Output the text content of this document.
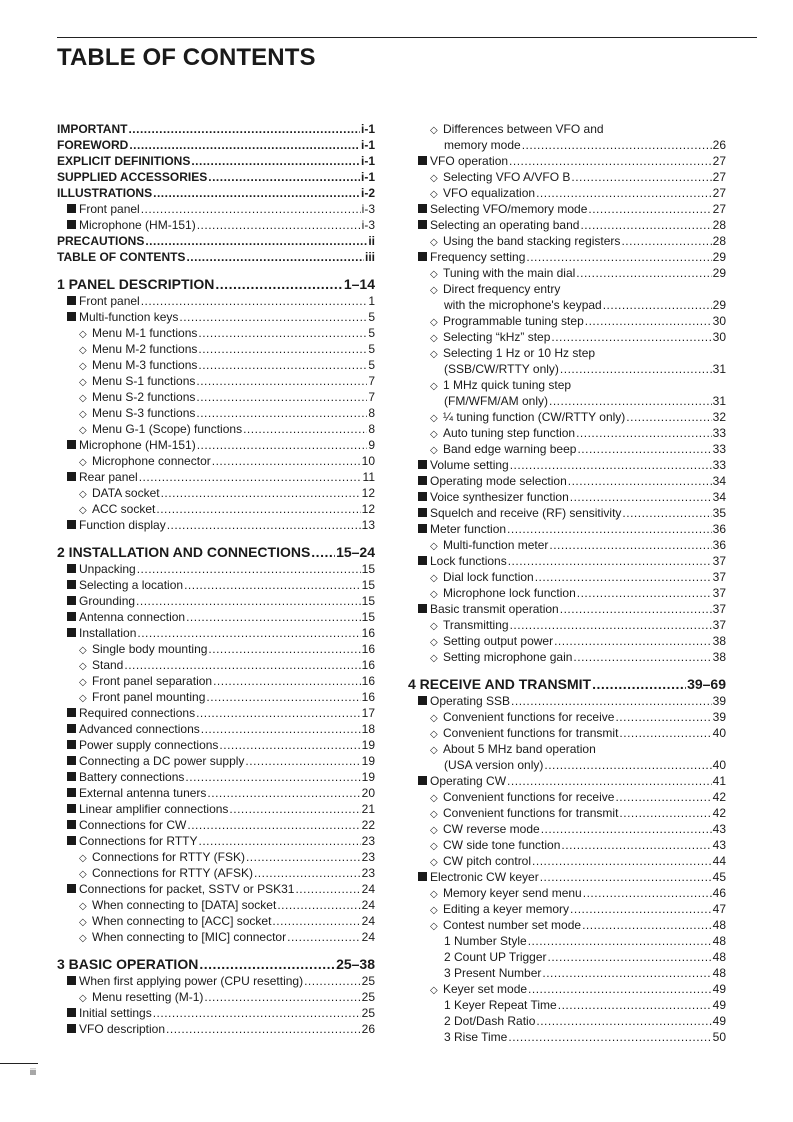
TABLE OF CONTENTS
IMPORTANT .....	i-1
FOREWORD .....	i-1
EXPLICIT DEFINITIONS .....	i-1
SUPPLIED ACCESSORIES .....	i-1
ILLUSTRATIONS .....	i-2
Front panel .....	i-3
Microphone (HM-151) .....	i-3
PRECAUTIONS .....	ii
TABLE OF CONTENTS .....	iii
1 PANEL DESCRIPTION .....	1–14
Front panel .....	1
Multi-function keys .....	5
◇ Menu M-1 functions .....	5
◇ Menu M-2 functions .....	5
◇ Menu M-3 functions .....	5
◇ Menu S-1 functions .....	7
◇ Menu S-2 functions .....	7
◇ Menu S-3 functions .....	8
◇ Menu G-1 (Scope) functions .....	8
Microphone (HM-151) .....	9
◇ Microphone connector .....	10
Rear panel .....	11
◇ DATA socket .....	12
◇ ACC socket .....	12
Function display .....	13
2 INSTALLATION AND CONNECTIONS ..... 15–24
Unpacking .....	15
Selecting a location .....	15
Grounding .....	15
Antenna connection .....	15
Installation .....	16
◇ Single body mounting .....	16
◇ Stand .....	16
◇ Front panel separation .....	16
◇ Front panel mounting .....	16
Required connections .....	17
Advanced connections .....	18
Power supply connections .....	19
Connecting a DC power supply .....	19
Battery connections .....	19
External antenna tuners .....	20
Linear amplifier connections .....	21
Connections for CW .....	22
Connections for RTTY .....	23
◇ Connections for RTTY (FSK) .....	23
◇ Connections for RTTY (AFSK) .....	23
Connections for packet, SSTV or PSK31 .....	24
◇ When connecting to [DATA] socket .....	24
◇ When connecting to [ACC] socket .....	24
◇ When connecting to [MIC] connector .....	24
3 BASIC OPERATION .....	25–38
When first applying power (CPU resetting) .....	25
◇ Menu resetting (M-1) .....	25
Initial settings .....	25
VFO description .....	26
◇ Differences between VFO and
memory mode .....	26
VFO operation .....	27
◇ Selecting VFO A/VFO B .....	27
◇ VFO equalization .....	27
Selecting VFO/memory mode .....	27
Selecting an operating band .....	28
◇ Using the band stacking registers .....	28
Frequency setting .....	29
◇ Tuning with the main dial .....	29
◇ Direct frequency entry
with the microphone's keypad .....	29
◇ Programmable tuning step .....	30
◇ Selecting “kHz” step .....	30
◇ Selecting 1 Hz or 10 Hz step
(SSB/CW/RTTY only) .....	31
◇ 1 MHz quick tuning step
(FM/WFM/AM only) .....	31
◇ ¼ tuning function (CW/RTTY only) .....	32
◇ Auto tuning step function .....	33
◇ Band edge warning beep .....	33
Volume setting .....	33
Operating mode selection .....	34
Voice synthesizer function .....	34
Squelch and receive (RF) sensitivity .....	35
Meter function .....	36
◇ Multi-function meter .....	36
Lock functions .....	37
◇ Dial lock function .....	37
◇ Microphone lock function .....	37
Basic transmit operation .....	37
◇ Transmitting .....	37
◇ Setting output power .....	38
◇ Setting microphone gain .....	38
4 RECEIVE AND TRANSMIT .....	39–69
Operating SSB .....	39
◇ Convenient functions for receive .....	39
◇ Convenient functions for transmit .....	40
◇ About 5 MHz band operation
(USA version only) .....	40
Operating CW .....	41
◇ Convenient functions for receive .....	42
◇ Convenient functions for transmit .....	42
◇ CW reverse mode .....	43
◇ CW side tone function .....	43
◇ CW pitch control .....	44
Electronic CW keyer .....	45
◇ Memory keyer send menu .....	46
◇ Editing a keyer memory .....	47
◇ Contest number set mode .....	48
1 Number Style .....	48
2 Count UP Trigger .....	48
3 Present Number .....	48
◇ Keyer set mode .....	49
1 Keyer Repeat Time .....	49
2 Dot/Dash Ratio .....	49
3 Rise Time .....	50
iii
